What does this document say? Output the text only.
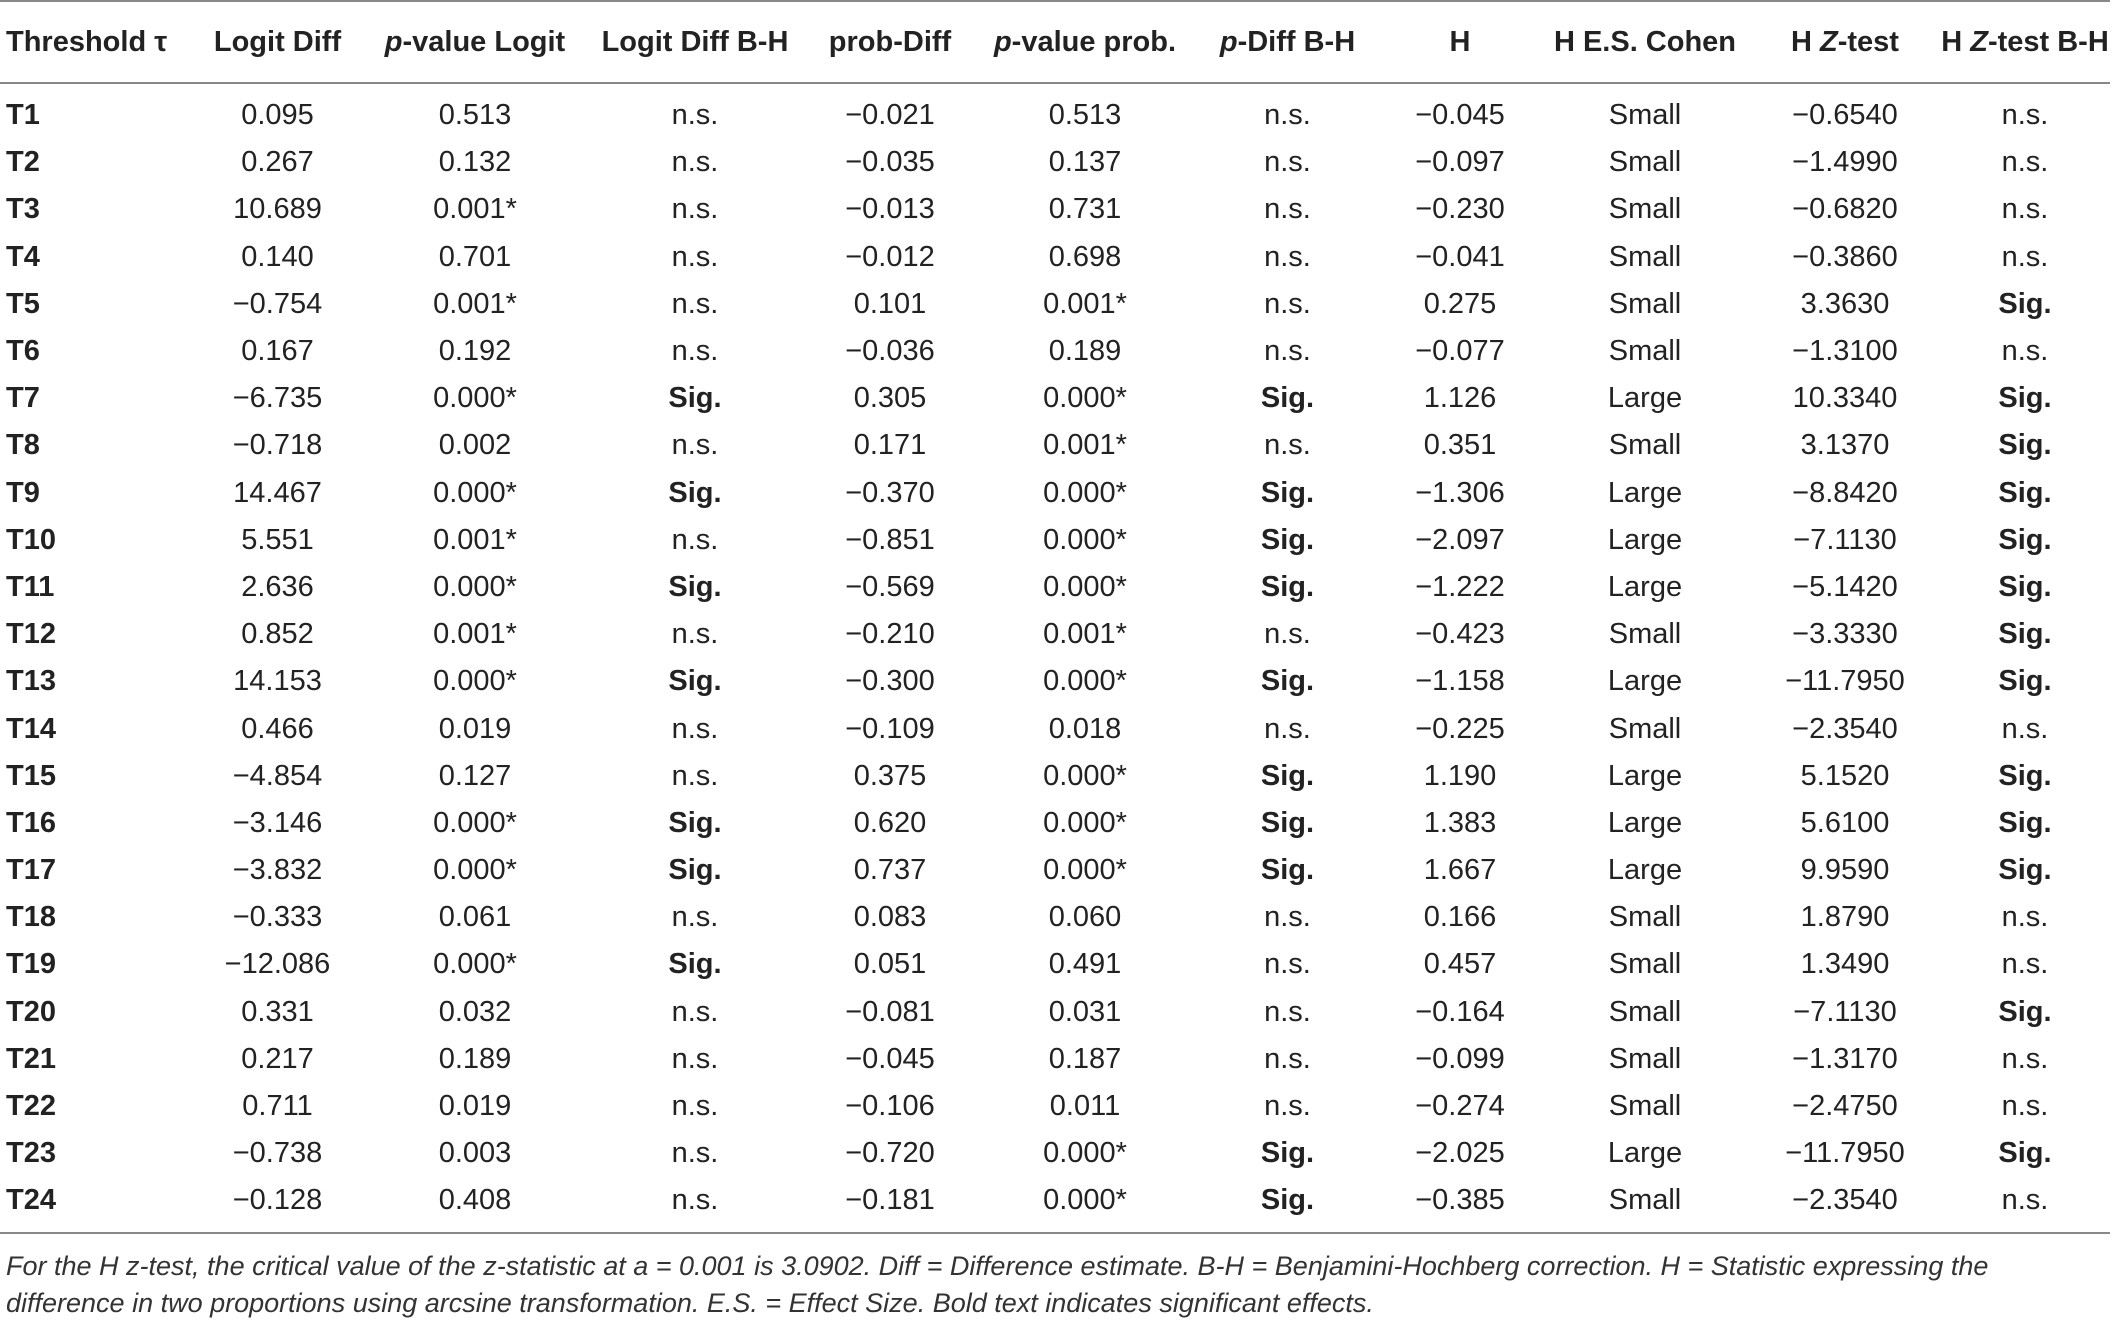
Threshold τ	Logit Diff	p-value Logit	Logit Diff B-H	prob-Diff	p-value prob.	p-Diff B-H	H	H E.S. Cohen	H Z-test	H Z-test B-H
T1	0.095	0.513	n.s.	−0.021	0.513	n.s.	−0.045	Small	−0.6540	n.s.
T2	0.267	0.132	n.s.	−0.035	0.137	n.s.	−0.097	Small	−1.4990	n.s.
T3	10.689	0.001*	n.s.	−0.013	0.731	n.s.	−0.230	Small	−0.6820	n.s.
T4	0.140	0.701	n.s.	−0.012	0.698	n.s.	−0.041	Small	−0.3860	n.s.
T5	−0.754	0.001*	n.s.	0.101	0.001*	n.s.	0.275	Small	3.3630	Sig.
T6	0.167	0.192	n.s.	−0.036	0.189	n.s.	−0.077	Small	−1.3100	n.s.
T7	−6.735	0.000*	Sig.	0.305	0.000*	Sig.	1.126	Large	10.3340	Sig.
T8	−0.718	0.002	n.s.	0.171	0.001*	n.s.	0.351	Small	3.1370	Sig.
T9	14.467	0.000*	Sig.	−0.370	0.000*	Sig.	−1.306	Large	−8.8420	Sig.
T10	5.551	0.001*	n.s.	−0.851	0.000*	Sig.	−2.097	Large	−7.1130	Sig.
T11	2.636	0.000*	Sig.	−0.569	0.000*	Sig.	−1.222	Large	−5.1420	Sig.
T12	0.852	0.001*	n.s.	−0.210	0.001*	n.s.	−0.423	Small	−3.3330	Sig.
T13	14.153	0.000*	Sig.	−0.300	0.000*	Sig.	−1.158	Large	−11.7950	Sig.
T14	0.466	0.019	n.s.	−0.109	0.018	n.s.	−0.225	Small	−2.3540	n.s.
T15	−4.854	0.127	n.s.	0.375	0.000*	Sig.	1.190	Large	5.1520	Sig.
T16	−3.146	0.000*	Sig.	0.620	0.000*	Sig.	1.383	Large	5.6100	Sig.
T17	−3.832	0.000*	Sig.	0.737	0.000*	Sig.	1.667	Large	9.9590	Sig.
T18	−0.333	0.061	n.s.	0.083	0.060	n.s.	0.166	Small	1.8790	n.s.
T19	−12.086	0.000*	Sig.	0.051	0.491	n.s.	0.457	Small	1.3490	n.s.
T20	0.331	0.032	n.s.	−0.081	0.031	n.s.	−0.164	Small	−7.1130	Sig.
T21	0.217	0.189	n.s.	−0.045	0.187	n.s.	−0.099	Small	−1.3170	n.s.
T22	0.711	0.019	n.s.	−0.106	0.011	n.s.	−0.274	Small	−2.4750	n.s.
T23	−0.738	0.003	n.s.	−0.720	0.000*	Sig.	−2.025	Large	−11.7950	Sig.
T24	−0.128	0.408	n.s.	−0.181	0.000*	Sig.	−0.385	Small	−2.3540	n.s.
For the H z-test, the critical value of the z-statistic at a = 0.001 is 3.0902. Diff = Difference estimate. B-H = Benjamini-Hochberg correction. H = Statistic expressing the difference in two proportions using arcsine transformation. E.S. = Effect Size. Bold text indicates significant effects.
